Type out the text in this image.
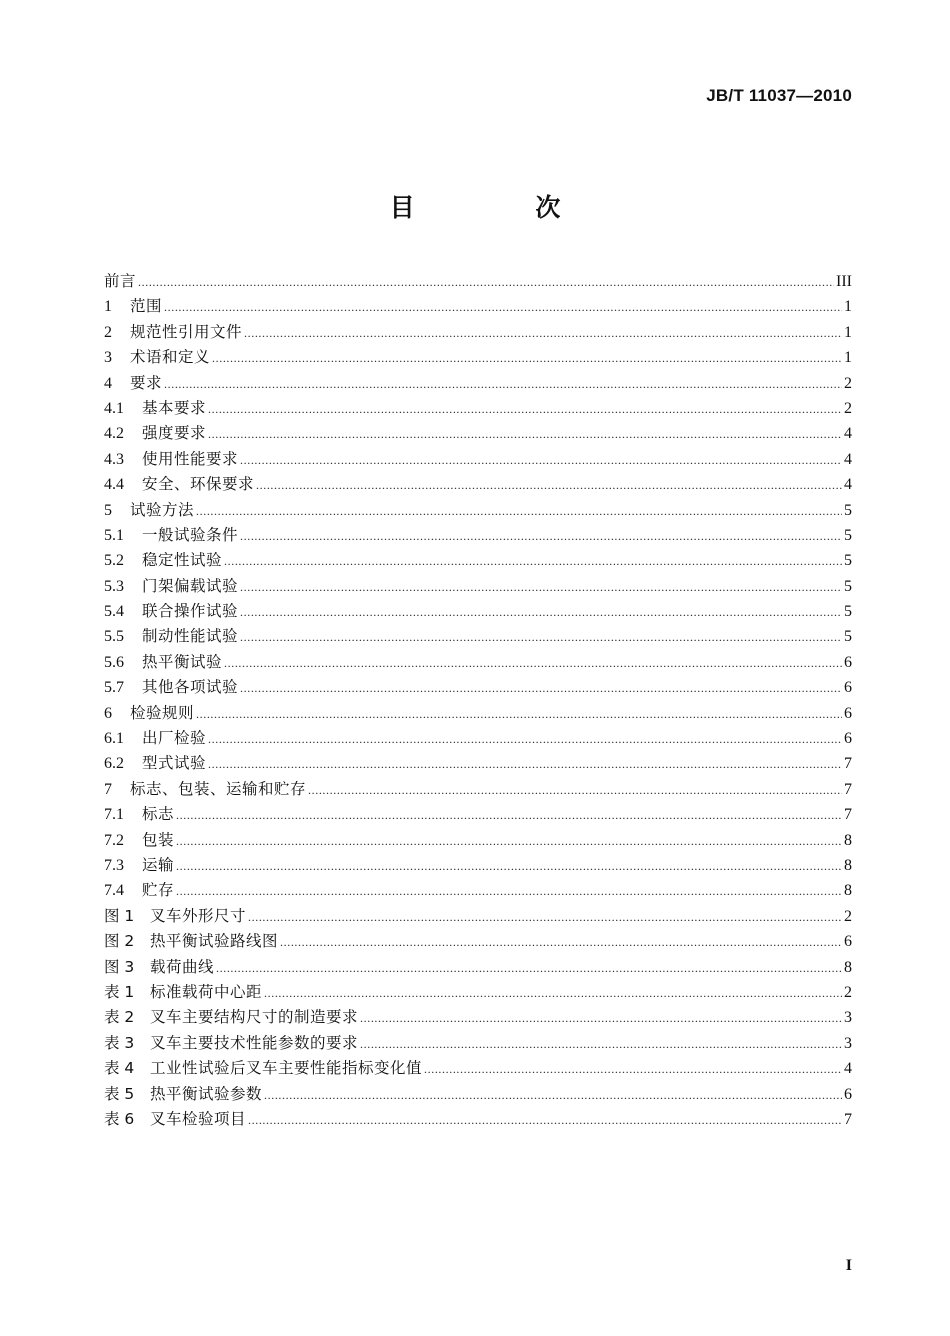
JB/T 11037—2010
目 次
前言 .....	III
1	范围 .....	1
2	规范性引用文件 .....	1
3	术语和定义 .....	1
4	要求 .....	2
4.1	基本要求 .....	2
4.2	强度要求 .....	4
4.3	使用性能要求 .....	4
4.4	安全、环保要求 .....	4
5	试验方法 .....	5
5.1	一般试验条件 .....	5
5.2	稳定性试验 .....	5
5.3	门架偏载试验 .....	5
5.4	联合操作试验 .....	5
5.5	制动性能试验 .....	5
5.6	热平衡试验 .....	6
5.7	其他各项试验 .....	6
6	检验规则 .....	6
6.1	出厂检验 .....	6
6.2	型式试验 .....	7
7	标志、包装、运输和贮存 .....	7
7.1	标志 .....	7
7.2	包装 .....	8
7.3	运输 .....	8
7.4	贮存 .....	8
图 1	叉车外形尺寸 .....	2
图 2	热平衡试验路线图 .....	6
图 3	载荷曲线 .....	8
表 1	标准载荷中心距 .....	2
表 2	叉车主要结构尺寸的制造要求 .....	3
表 3	叉车主要技术性能参数的要求 .....	3
表 4	工业性试验后叉车主要性能指标变化值 .....	4
表 5	热平衡试验参数 .....	6
表 6	叉车检验项目 .....	7
I
